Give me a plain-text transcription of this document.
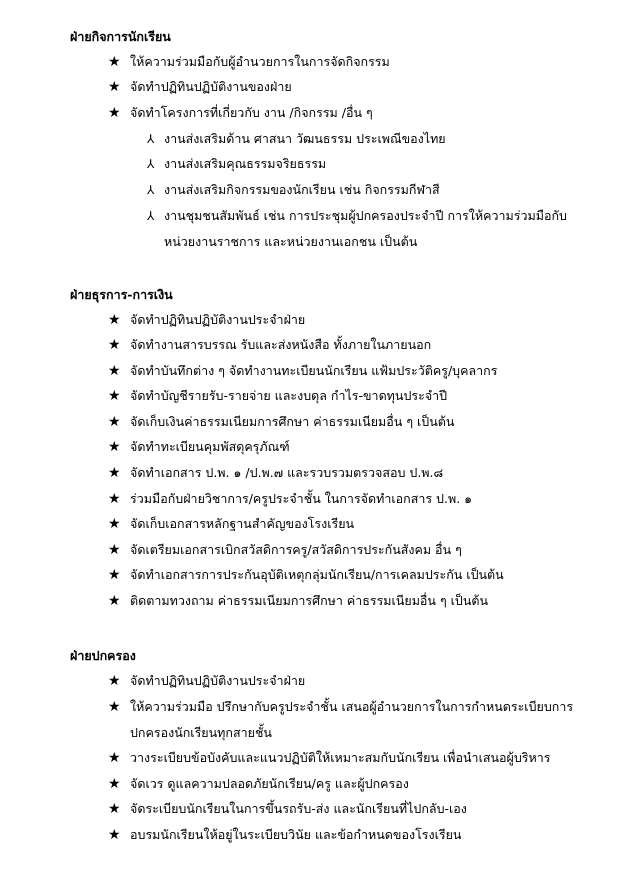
ฝ่ายกิจการนักเรียน
★ ให้ความร่วมมือกับผู้อำนวยการในการจัดกิจกรรม
★ จัดทำปฏิทินปฏิบัติงานของฝ่าย
★ จัดทำโครงการที่เกี่ยวกับ งาน /กิจกรรม /อื่น ๆ
⅄ งานส่งเสริมด้าน ศาสนา วัฒนธรรม ประเพณีของไทย
⅄ งานส่งเสริมคุณธรรมจริยธรรม
⅄ งานส่งเสริมกิจกรรมของนักเรียน เช่น กิจกรรมกีฬาสี
⅄ งานชุมชนสัมพันธ์ เช่น การประชุมผู้ปกครองประจำปี การให้ความร่วมมือกับ
หน่วยงานราชการ และหน่วยงานเอกชน เป็นต้น
ฝ่ายธุรการ-การเงิน
★ จัดทำปฏิทินปฏิบัติงานประจำฝ่าย
★ จัดทำงานสารบรรณ รับและส่งหนังสือ ทั้งภายในภายนอก
★ จัดทำบันทึกต่าง ๆ จัดทำงานทะเบียนนักเรียน แฟ้มประวัติครู/บุคลากร
★ จัดทำบัญชีรายรับ-รายจ่าย และงบดุล กำไร-ขาดทุนประจำปี
★ จัดเก็บเงินค่าธรรมเนียมการศึกษา ค่าธรรมเนียมอื่น ๆ เป็นต้น
★ จัดทำทะเบียนคุมพัสดุครุภัณฑ์
★ จัดทำเอกสาร ป.พ. ๑ /ป.พ.๗ และรวบรวมตรวจสอบ ป.พ.๘
★ ร่วมมือกับฝ่ายวิชาการ/ครูประจำชั้น ในการจัดทำเอกสาร ป.พ. ๑
★ จัดเก็บเอกสารหลักฐานสำคัญของโรงเรียน
★ จัดเตรียมเอกสารเบิกสวัสดิการครู/สวัสดิการประกันสังคม อื่น ๆ
★ จัดทำเอกสารการประกันอุบัติเหตุกลุ่มนักเรียน/การเคลมประกัน เป็นต้น
★ ติดตามทวงถาม ค่าธรรมเนียมการศึกษา ค่าธรรมเนียมอื่น ๆ เป็นต้น
ฝ่ายปกครอง
★ จัดทำปฏิทินปฏิบัติงานประจำฝ่าย
★ ให้ความร่วมมือ ปรึกษากับครูประจำชั้น เสนอผู้อำนวยการในการกำหนดระเบียบการ
ปกครองนักเรียนทุกสายชั้น
★ วางระเบียบข้อบังคับและแนวปฏิบัติให้เหมาะสมกับนักเรียน เพื่อนำเสนอผู้บริหาร
★ จัดเวร ดูแลความปลอดภัยนักเรียน/ครู และผู้ปกครอง
★ จัดระเบียบนักเรียนในการขึ้นรถรับ-ส่ง และนักเรียนที่ไปกลับ-เอง
★ อบรมนักเรียนให้อยู่ในระเบียบวินัย และข้อกำหนดของโรงเรียน
